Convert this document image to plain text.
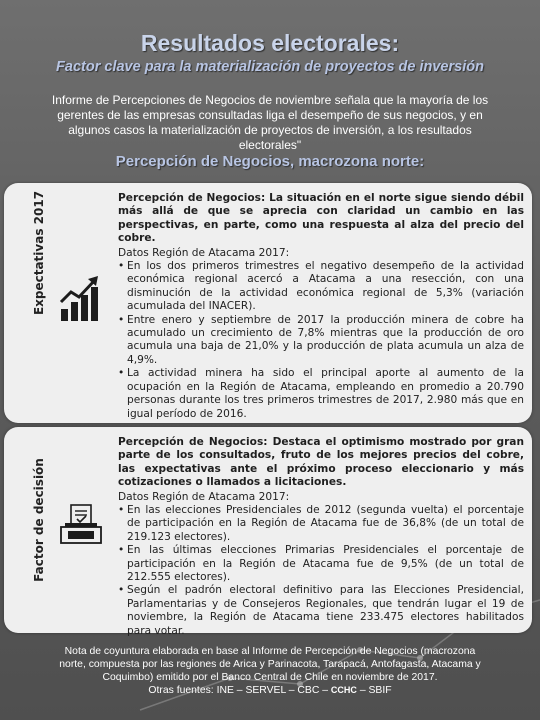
Resultados electorales:
Factor clave para la materialización de proyectos de inversión

Informe de Percepciones de Negocios de noviembre señala que la mayoría de los gerentes de las empresas consultadas liga el desempeño de sus negocios, y en algunos casos la materialización de proyectos de inversión, a los resultados electorales"

Percepción de Negocios, macrozona norte:
Expectativas 2017	Percepción de Negocios: La situación en el norte sigue siendo débil más allá de que se aprecia con claridad un cambio en las perspectivas, en parte, como una respuesta al alza del precio del cobre.

Datos Región de Atacama 2017:

• En los dos primeros trimestres el negativo desempeño de la actividad económica regional acercó a Atacama a una resección, con una disminución de la actividad económica regional de 5,3% (variación acumulada del INACER).
• Entre enero y septiembre de 2017 la producción minera de cobre ha acumulado un crecimiento de 7,8% mientras que la producción de oro acumula una baja de 21,0% y la producción de plata acumula un alza de 4,9%.
• La actividad minera ha sido el principal aporte al aumento de la ocupación en la Región de Atacama, empleando en promedio a 20.790 personas durante los tres primeros trimestres de 2017, 2.980 más que en igual período de 2016.
Factor de decisión

Percepción de Negocios: Destaca el optimismo mostrado por gran parte de los consultados, fruto de los mejores precios del cobre, las expectativas ante el próximo proceso eleccionario y más cotizaciones o llamados a licitaciones.

Datos Región de Atacama 2017:

• En las elecciones Presidenciales de 2012 (segunda vuelta) el porcentaje de participación en la Región de Atacama fue de 36,8% (de un total de 219.123 electores).
• En las últimas elecciones Primarias Presidenciales el porcentaje de participación en la Región de Atacama fue de 9,5% (de un total de 212.555 electores).
• Según el padrón electoral definitivo para las Elecciones Presidencial, Parlamentarias y de Consejeros Regionales, que tendrán lugar el 19 de noviembre, la Región de Atacama tiene 233.475 electores habilitados para votar.

Nota de coyuntura elaborada en base al Informe de Percepción de Negocios (macrozona norte, compuesta por las regiones de Arica y Parinacota, Tarapacá, Antofagasta, Atacama y Coquimbo) emitido por el Banco Central de Chile en noviembre de 2017.

Otras fuentes: INE – SERVEL – CBC – CCHC – SBIF
